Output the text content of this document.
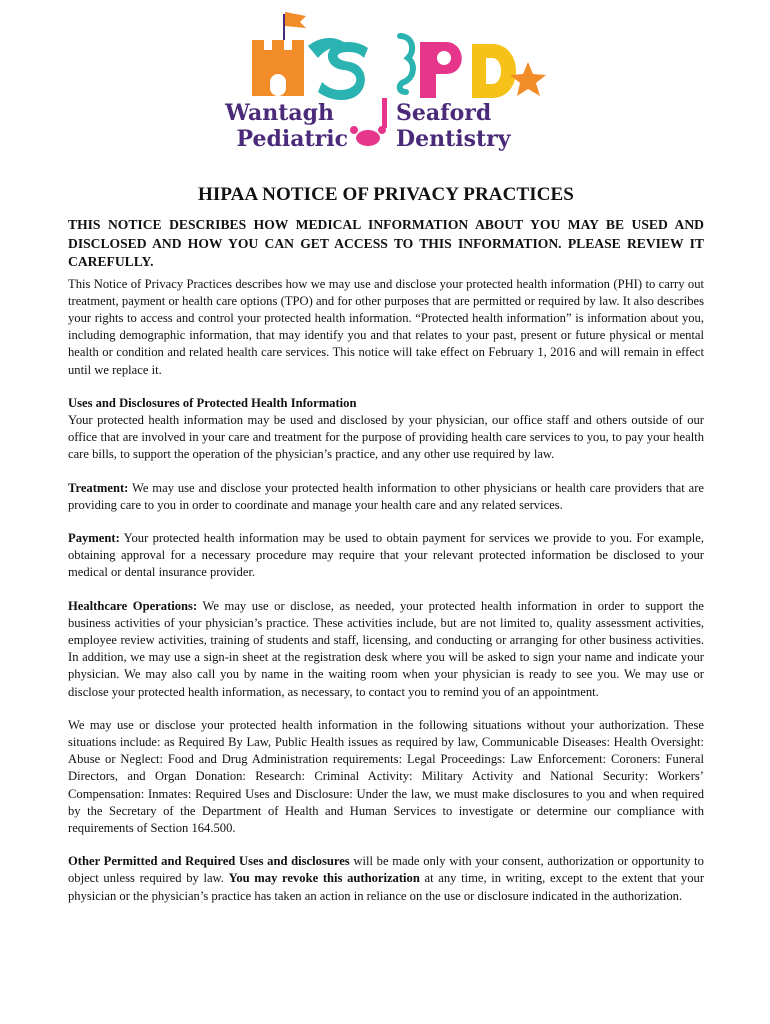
Wantagh	Seaford
Pediatric Dentistry
HIPAA NOTICE OF PRIVACY PRACTICES
THIS NOTICE DESCRIBES HOW MEDICAL INFORMATION ABOUT YOU MAY BE USED AND DISCLOSED AND HOW YOU CAN GET ACCESS TO THIS INFORMATION. PLEASE REVIEW IT CAREFULLY.

This Notice of Privacy Practices describes how we may use and disclose your protected health information (PHI) to carry out treatment, payment or health care options (TPO) and for other purposes that are permitted or required by law. It also describes your rights to access and control your protected health information. “Protected health information” is information about you, including demographic information, that may identify you and that relates to your past, present or future physical or mental health or condition and related health care services. This notice will take effect on February 1, 2016 and will remain in effect until we replace it.

Uses and Disclosures of Protected Health Information

Your protected health information may be used and disclosed by your physician, our office staff and others outside of our office that are involved in your care and treatment for the purpose of providing health care services to you, to pay your health care bills, to support the operation of the physician’s practice, and any other use required by law.

Treatment: We may use and disclose your protected health information to other physicians or health care providers that are providing care to you in order to coordinate and manage your health care and any related services.

Payment: Your protected health information may be used to obtain payment for services we provide to you. For example, obtaining approval for a necessary procedure may require that your relevant protected information be disclosed to your medical or dental insurance provider.

Healthcare Operations: We may use or disclose, as needed, your protected health information in order to support the business activities of your physician’s practice. These activities include, but are not limited to, quality assessment activities, employee review activities, training of students and staff, licensing, and conducting or arranging for other business activities. In addition, we may use a sign-in sheet at the registration desk where you will be asked to sign your name and indicate your physician. We may also call you by name in the waiting room when your physician is ready to see you. We may use or disclose your protected health information, as necessary, to contact you to remind you of an appointment.

We may use or disclose your protected health information in the following situations without your authorization. These situations include: as Required By Law, Public Health issues as required by law, Communicable Diseases: Health Oversight: Abuse or Neglect: Food and Drug Administration requirements: Legal Proceedings: Law Enforcement: Coroners: Funeral Directors, and Organ Donation: Research: Criminal Activity: Military Activity and National Security: Workers’ Compensation: Inmates: Required Uses and Disclosure: Under the law, we must make disclosures to you and when required by the Secretary of the Department of Health and Human Services to investigate or determine our compliance with requirements of Section 164.500.

Other Permitted and Required Uses and disclosures will be made only with your consent, authorization or opportunity to object unless required by law. You may revoke this authorization at any time, in writing, except to the extent that your physician or the physician’s practice has taken an action in reliance on the use or disclosure indicated in the authorization.
